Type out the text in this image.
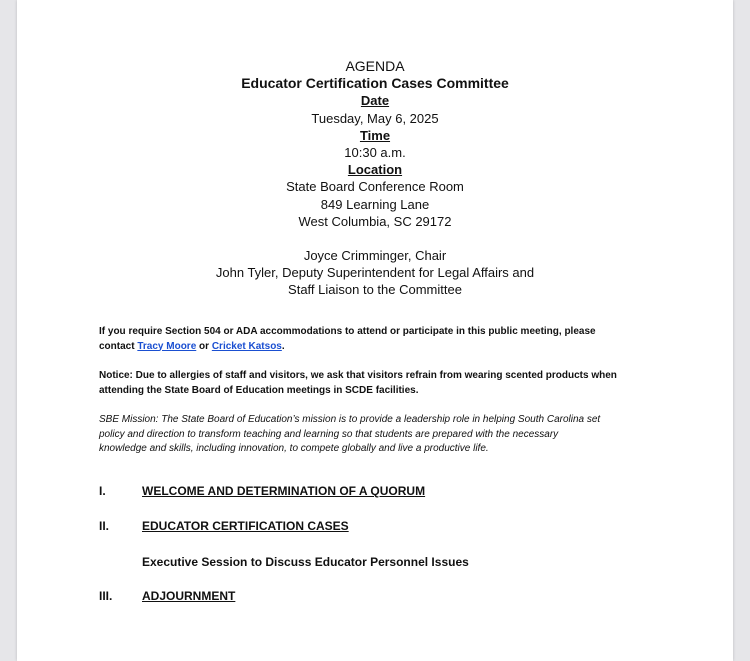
AGENDA
Educator Certification Cases Committee
Date
Tuesday, May 6, 2025
Time
10:30 a.m.
Location
State Board Conference Room
849 Learning Lane
West Columbia, SC 29172
Joyce Crimminger, Chair
John Tyler, Deputy Superintendent for Legal Affairs and
Staff Liaison to the Committee
If you require Section 504 or ADA accommodations to attend or participate in this public meeting, please
contact Tracy Moore or Cricket Katsos.
Notice: Due to allergies of staff and visitors, we ask that visitors refrain from wearing scented products when
attending the State Board of Education meetings in SCDE facilities.
SBE Mission: The State Board of Education’s mission is to provide a leadership role in helping South Carolina set
policy and direction to transform teaching and learning so that students are prepared with the necessary
knowledge and skills, including innovation, to compete globally and live a productive life.
I.	WELCOME AND DETERMINATION OF A QUORUM
II.	EDUCATOR CERTIFICATION CASES
Executive Session to Discuss Educator Personnel Issues
III. ADJOURNMENT
